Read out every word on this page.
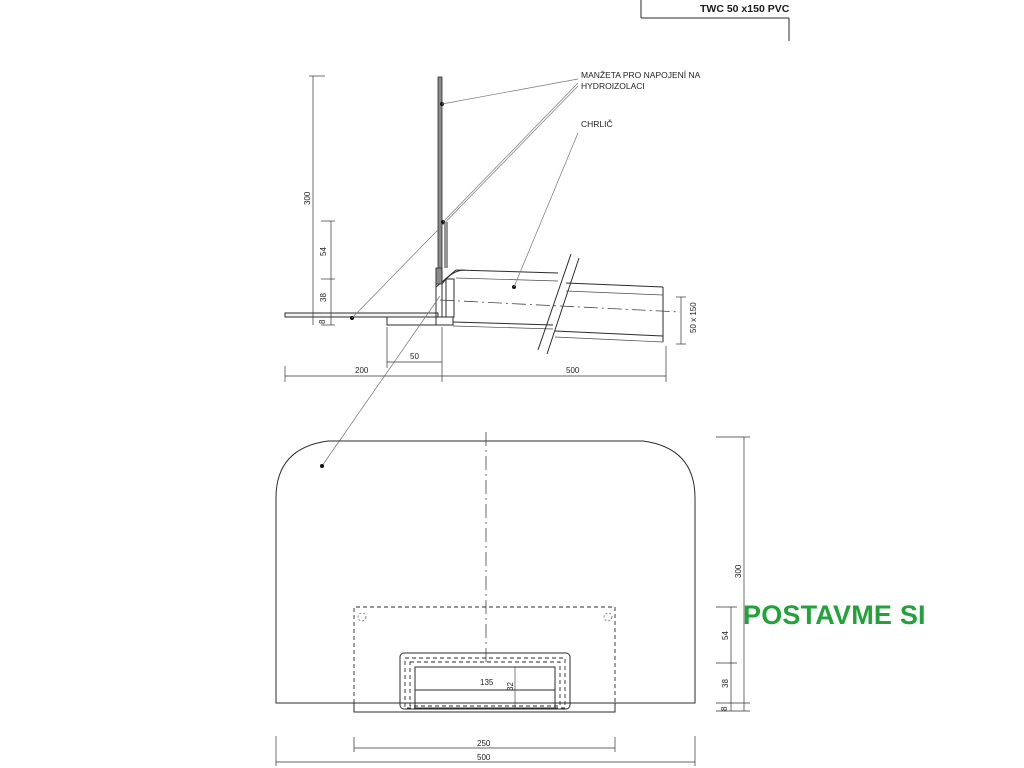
TWC 50 x150 PVC
MANŽETA PRO NAPOJENÍ NA
HYDROIZOLACI
CHRLIČ
300
54
38
8
200
50
500
50 x 150
135 32
250
500
300
54
38
8
POSTAVME SI
